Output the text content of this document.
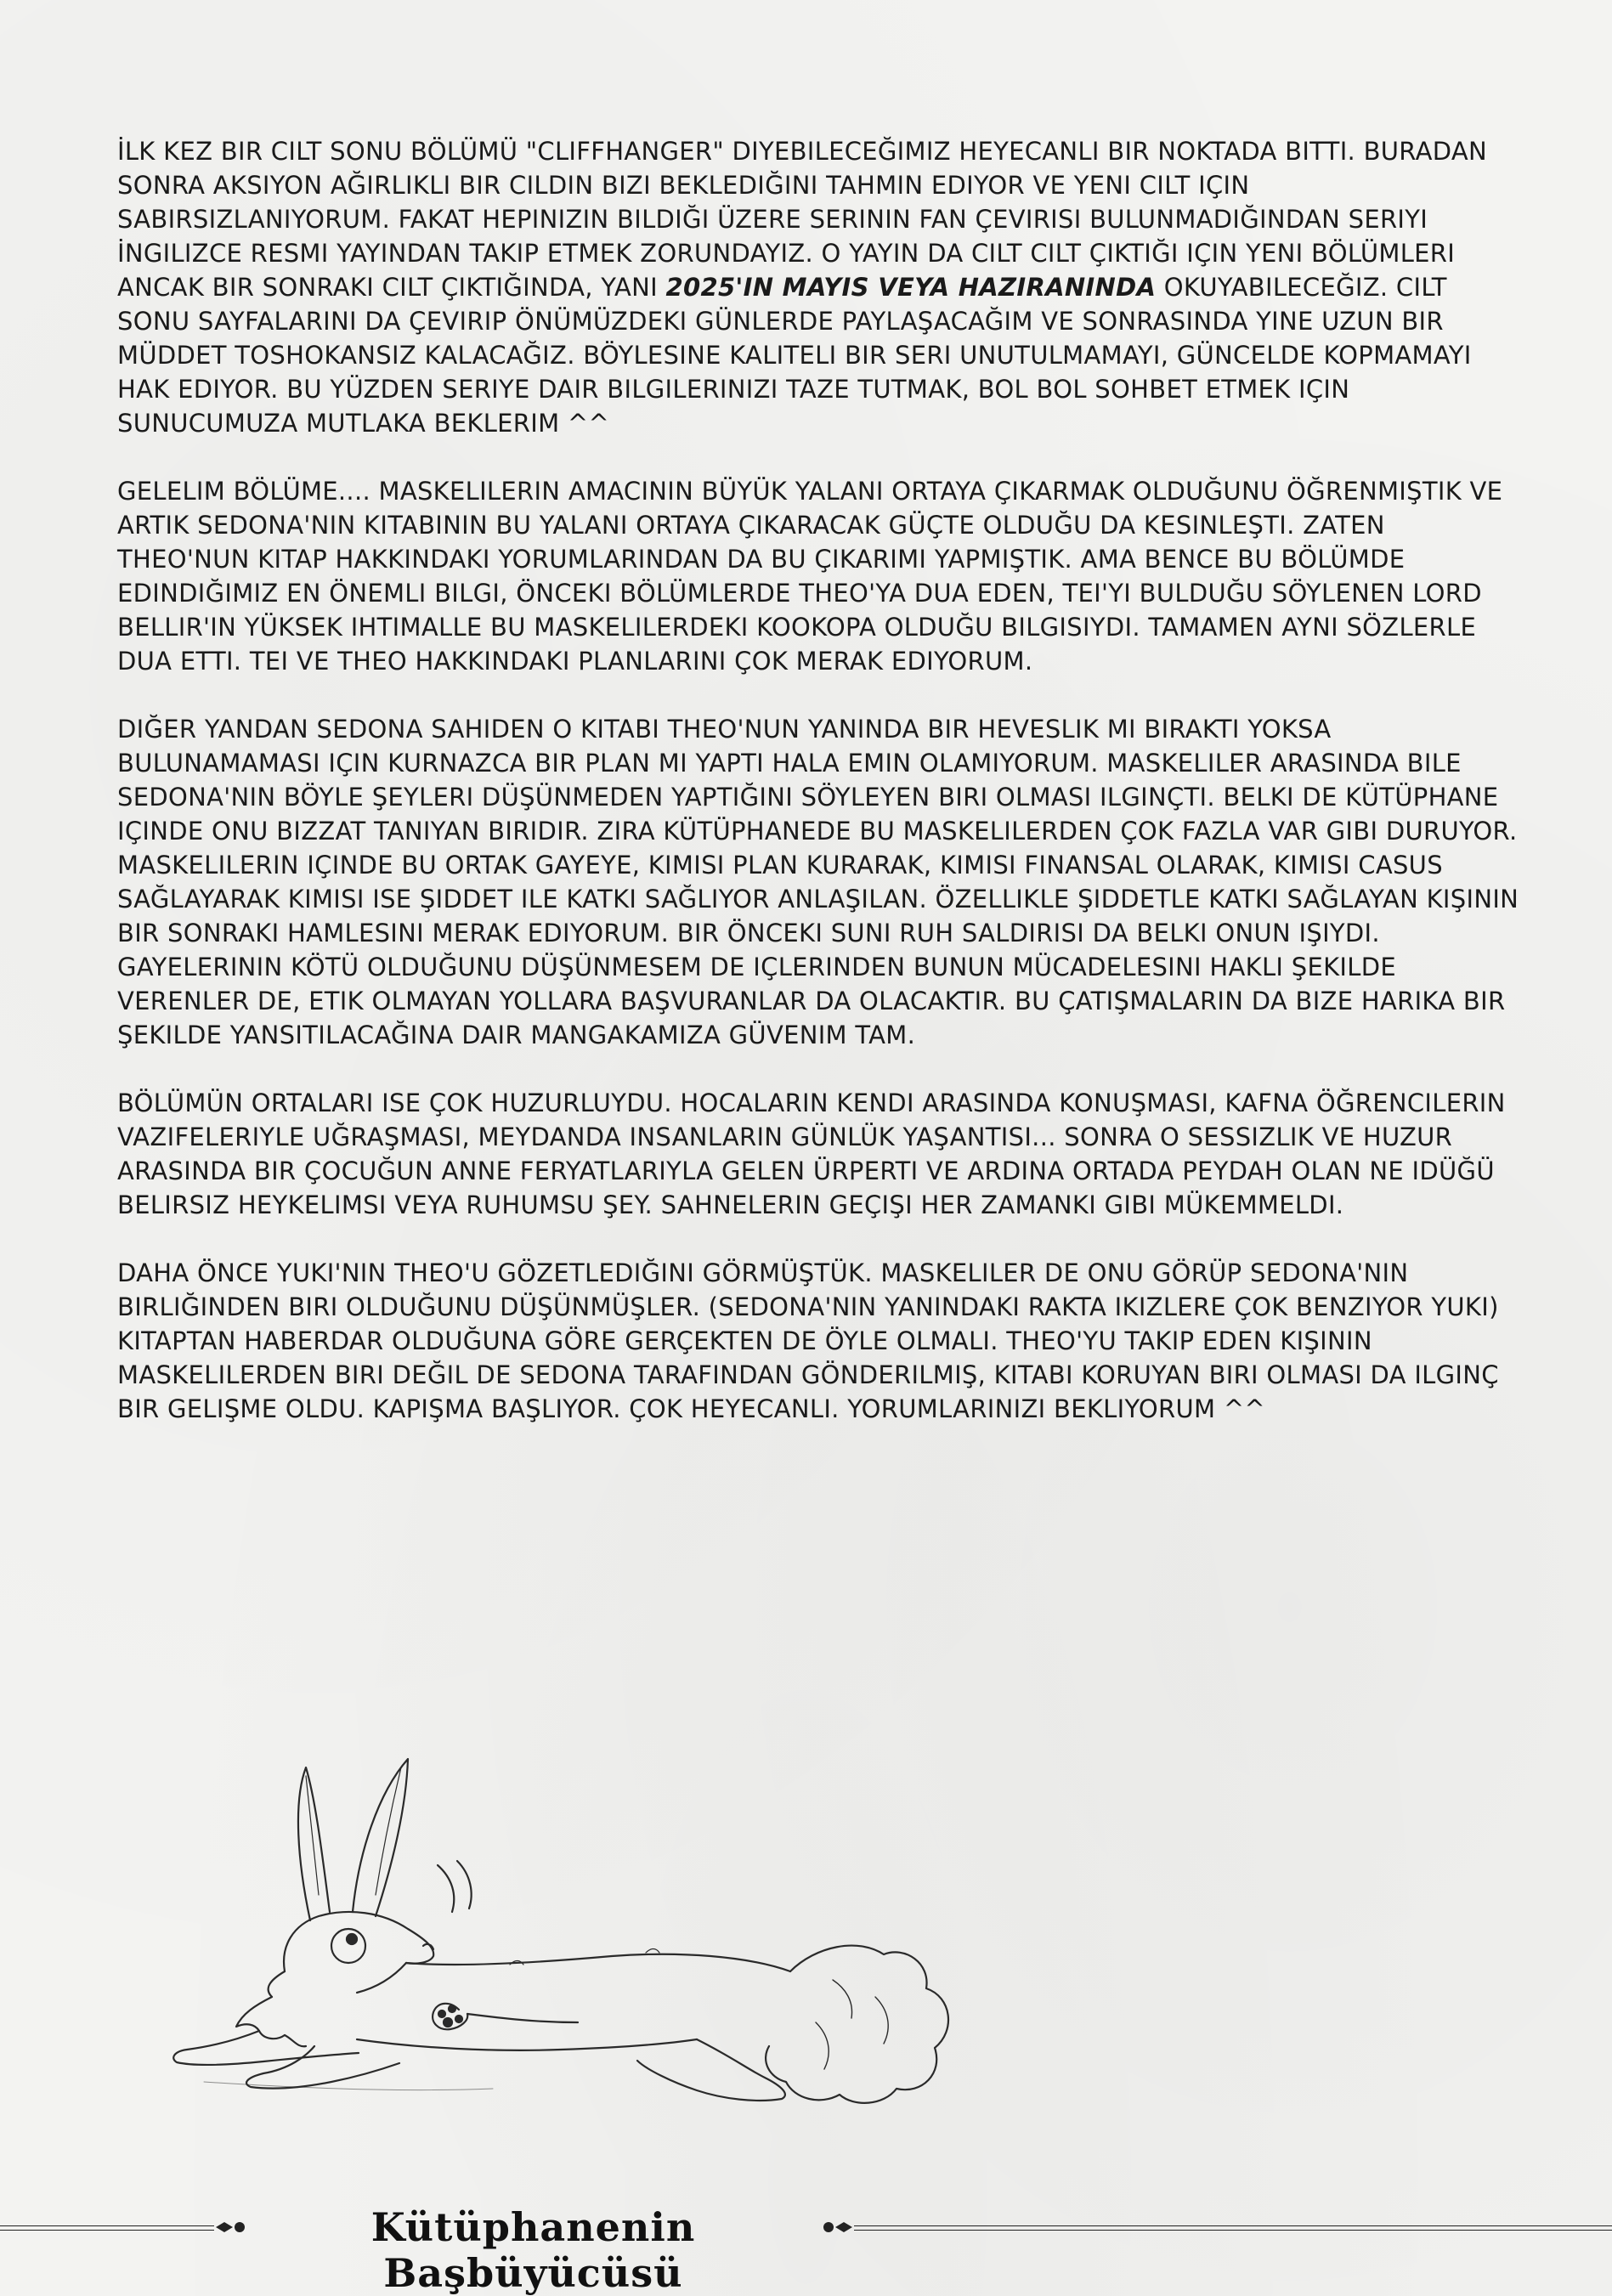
İLK KEZ BIR CILT SONU BÖLÜMÜ "CLIFFHANGER" DIYEBILECEĞIMIZ HEYECANLI BIR NOKTADA BITTI. BURADAN SONRA AKSIYON AĞIRLIKLI BIR CILDIN BIZI BEKLEDIĞINI TAHMIN EDIYOR VE YENI CILT IÇIN SABIRSIZLANIYORUM. FAKAT HEPINIZIN BILDIĞI ÜZERE SERININ FAN ÇEVIRISI BULUNMADIĞINDAN SERIYI İNGILIZCE RESMI YAYINDAN TAKIP ETMEK ZORUNDAYIZ. O YAYIN DA CILT CILT ÇIKTIĞI IÇIN YENI BÖLÜMLERI ANCAK BIR SONRAKI CILT ÇIKTIĞINDA, YANI 2025'IN MAYIS VEYA HAZIRANINDA OKUYABILECEĞIZ. CILT SONU SAYFALARINI DA ÇEVIRIP ÖNÜMÜZDEKI GÜNLERDE PAYLAŞACAĞIM VE SONRASINDA YINE UZUN BIR MÜDDET TOSHOKANSIZ KALACAĞIZ. BÖYLESINE KALITELI BIR SERI UNUTULMAMAYI, GÜNCELDE KOPMAMAYI HAK EDIYOR. BU YÜZDEN SERIYE DAIR BILGILERINIZI TAZE TUTMAK, BOL BOL SOHBET ETMEK IÇIN SUNUCUMUZA MUTLAKA BEKLERIM ^^

GELELIM BÖLÜME.... MASKELILERIN AMACININ BÜYÜK YALANI ORTAYA ÇIKARMAK OLDUĞUNU ÖĞRENMIŞTIK VE ARTIK SEDONA'NIN KITABININ BU YALANI ORTAYA ÇIKARACAK GÜÇTE OLDUĞU DA KESINLEŞTI. ZATEN THEO'NUN KITAP HAKKINDAKI YORUMLARINDAN DA BU ÇIKARIMI YAPMIŞTIK. AMA BENCE BU BÖLÜMDE EDINDIĞIMIZ EN ÖNEMLI BILGI, ÖNCEKI BÖLÜMLERDE THEO'YA DUA EDEN, TEI'YI BULDUĞU SÖYLENEN LORD BELLIR'IN YÜKSEK IHTIMALLE BU MASKELILERDEKI KOOKOPA OLDUĞU BILGISIYDI. TAMAMEN AYNI SÖZLERLE DUA ETTI. TEI VE THEO HAKKINDAKI PLANLARINI ÇOK MERAK EDIYORUM.

DIĞER YANDAN SEDONA SAHIDEN O KITABI THEO'NUN YANINDA BIR HEVESLIK MI BIRAKTI YOKSA BULUNAMAMASI IÇIN KURNAZCA BIR PLAN MI YAPTI HALA EMIN OLAMIYORUM. MASKELILER ARASINDA BILE SEDONA'NIN BÖYLE ŞEYLERI DÜŞÜNMEDEN YAPTIĞINI SÖYLEYEN BIRI OLMASI ILGINÇTI. BELKI DE KÜTÜPHANE IÇINDE ONU BIZZAT TANIYAN BIRIDIR. ZIRA KÜTÜPHANEDE BU MASKELILERDEN ÇOK FAZLA VAR GIBI DURUYOR. MASKELILERIN IÇINDE BU ORTAK GAYEYE, KIMISI PLAN KURARAK, KIMISI FINANSAL OLARAK, KIMISI CASUS SAĞLAYARAK KIMISI ISE ŞIDDET ILE KATKI SAĞLIYOR ANLAŞILAN. ÖZELLIKLE ŞIDDETLE KATKI SAĞLAYAN KIŞININ BIR SONRAKI HAMLESINI MERAK EDIYORUM. BIR ÖNCEKI SUNI RUH SALDIRISI DA BELKI ONUN IŞIYDI. GAYELERININ KÖTÜ OLDUĞUNU DÜŞÜNMESEM DE IÇLERINDEN BUNUN MÜCADELESINI HAKLI ŞEKILDE VERENLER DE, ETIK OLMAYAN YOLLARA BAŞVURANLAR DA OLACAKTIR. BU ÇATIŞMALARIN DA BIZE HARIKA BIR ŞEKILDE YANSITILACAĞINA DAIR MANGAKAMIZA GÜVENIM TAM.

BÖLÜMÜN ORTALARI ISE ÇOK HUZURLUYDU. HOCALARIN KENDI ARASINDA KONUŞMASI, KAFNA ÖĞRENCILERIN VAZIFELERIYLE UĞRAŞMASI, MEYDANDA INSANLARIN GÜNLÜK YAŞANTISI... SONRA O SESSIZLIK VE HUZUR ARASINDA BIR ÇOCUĞUN ANNE FERYATLARIYLA GELEN ÜRPERTI VE ARDINA ORTADA PEYDAH OLAN NE IDÜĞÜ BELIRSIZ HEYKELIMSI VEYA RUHUMSU ŞEY. SAHNELERIN GEÇIŞI HER ZAMANKI GIBI MÜKEMMELDI.

DAHA ÖNCE YUKI'NIN THEO'U GÖZETLEDIĞINI GÖRMÜŞTÜK. MASKELILER DE ONU GÖRÜP SEDONA'NIN BIRLIĞINDEN BIRI OLDUĞUNU DÜŞÜNMÜŞLER. (SEDONA'NIN YANINDAKI RAKTA IKIZLERE ÇOK BENZIYOR YUKI) KITAPTAN HABERDAR OLDUĞUNA GÖRE GERÇEKTEN DE ÖYLE OLMALI. THEO'YU TAKIP EDEN KIŞININ MASKELILERDEN BIRI DEĞIL DE SEDONA TARAFINDAN GÖNDERILMIŞ, KITABI KORUYAN BIRI OLMASI DA ILGINÇ BIR GELIŞME OLDU. KAPIŞMA BAŞLIYOR. ÇOK HEYECANLI. YORUMLARINIZI BEKLIYORUM ^^

Kütüphanenin Başbüyücüsü
